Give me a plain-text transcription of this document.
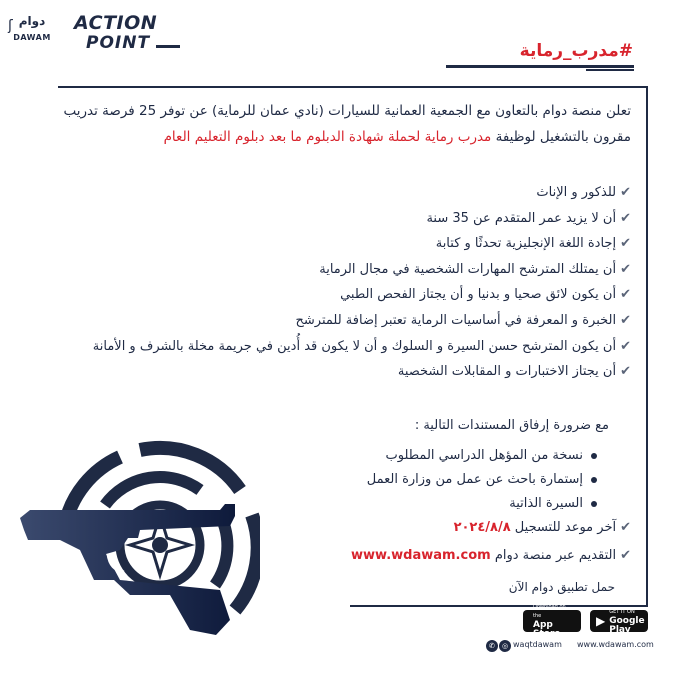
ʃ دوام
DAWAM
ACTION
POINT	#مدرب_رماية
تعلن منصة دوام بالتعاون مع الجمعية العمانية للسيارات (نادي عمان للرماية) عن توفر 25 فرصة تدريب مقرون بالتشغيل لوظيفة مدرب رماية لحملة شهادة الدبلوم ما بعد دبلوم التعليم العام
✔للذكور و الإناث
✔أن لا يزيد عمر المتقدم عن 35 سنة
✔إجادة اللغة الإنجليزية تحدثًا و كتابة
✔أن يمتلك المترشح المهارات الشخصية في مجال الرماية
✔أن يكون لائق صحيا و بدنيا و أن يجتاز الفحص الطبي
✔الخبرة و المعرفة في أساسيات الرماية تعتبر إضافة للمترشح
✔أن يكون المترشح حسن السيرة و السلوك و أن لا يكون قد أُدين في جريمة مخلة بالشرف و الأمانة
✔أن يجتاز الاختبارات و المقابلات الشخصية
مع ضرورة إرفاق المستندات التالية :
نسخة من المؤهل الدراسي المطلوب
إستمارة باحث عن عمل من وزارة العمل
السيرة الذاتية
✔آخر موعد للتسجيل ٢٠٢٤/٨/٨
✔التقديم عبر منصة دوام www.wdawam.com
حمل تطبيق دوام الآن
Download on the
App Store
▶
GET IT ON
Google Play
✆	◎ waqtdawam www.wdawam.com
